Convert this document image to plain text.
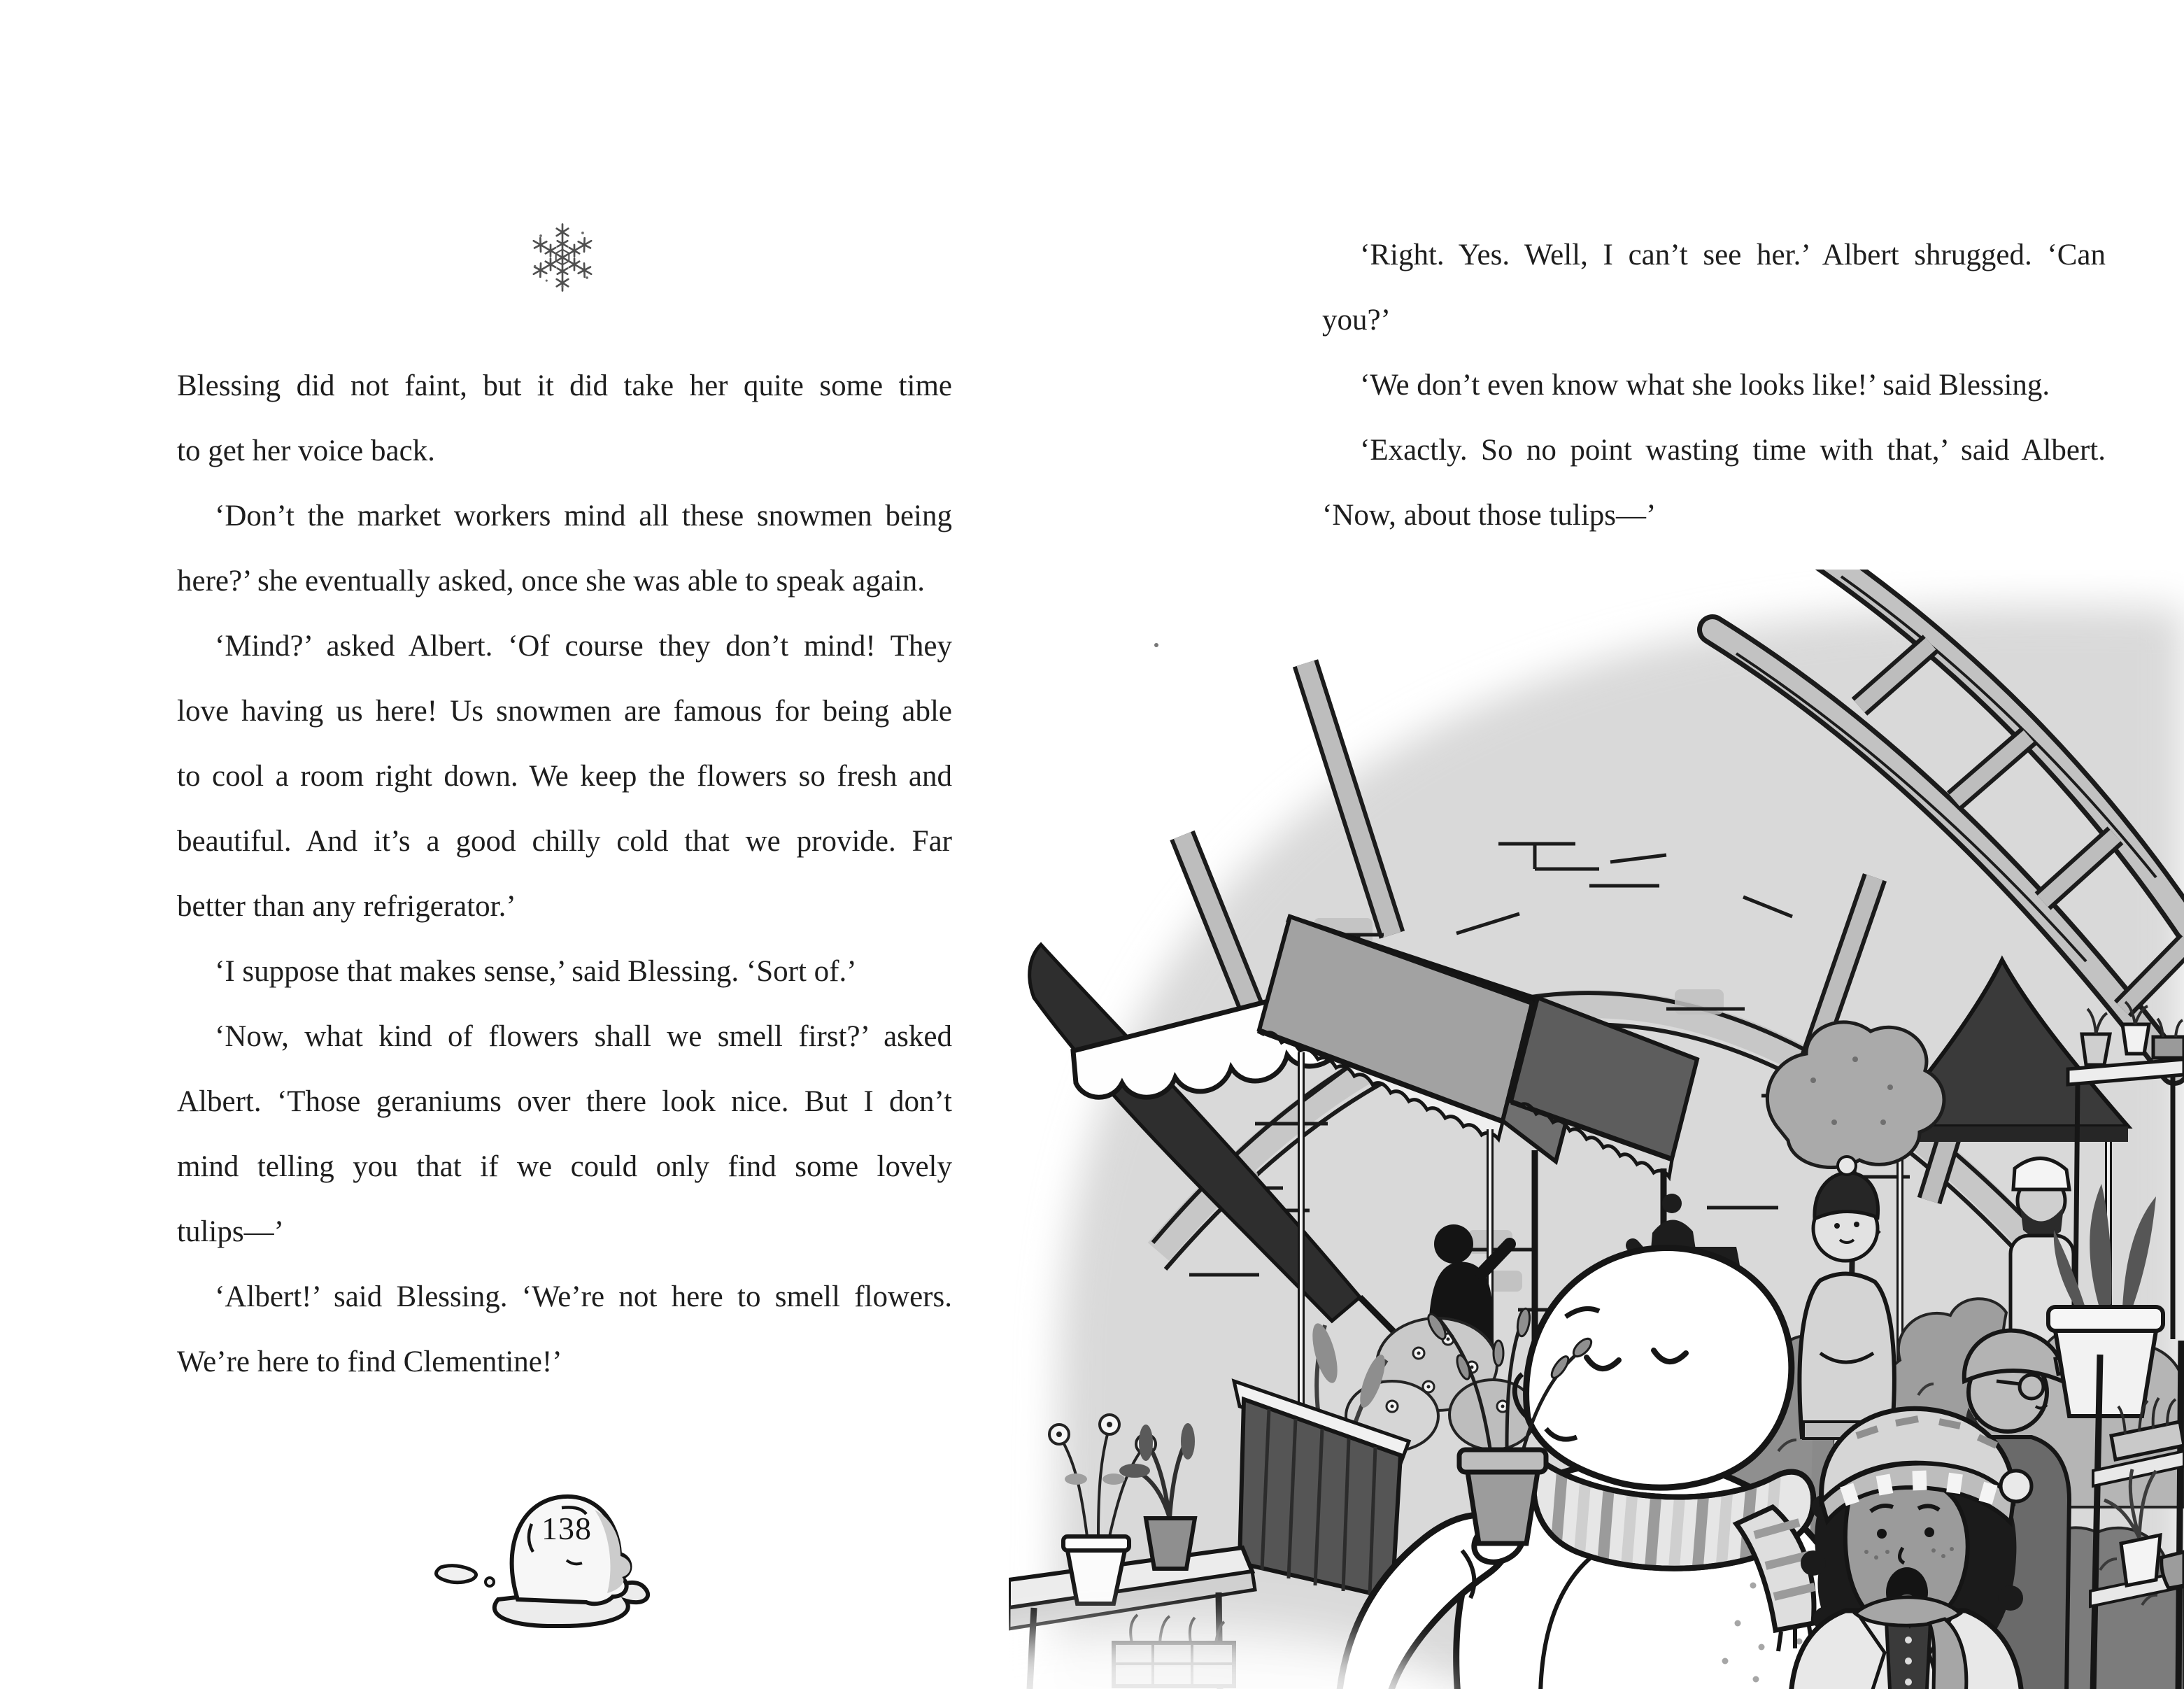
Blessing did not faint, but it did take her quite some time
to get her voice back.
‘Don’t the market workers mind all these snowmen being
here?’ she eventually asked, once she was able to speak again.
‘Mind?’ asked Albert. ‘Of course they don’t mind! They
love having us here! Us snowmen are famous for being able
to cool a room right down. We keep the flowers so fresh and
beautiful. And it’s a good chilly cold that we provide. Far
better than any refrigerator.’
‘I suppose that makes sense,’ said Blessing. ‘Sort of.’
‘Now, what kind of flowers shall we smell first?’ asked
Albert. ‘Those geraniums over there look nice. But I don’t
mind telling you that if we could only find some lovely
tulips—’
‘Albert!’ said Blessing. ‘We’re not here to smell flowers.
We’re here to find Clementine!’
138
‘Right. Yes. Well, I can’t see her.’ Albert shrugged. ‘Can
you?’
‘We don’t even know what she looks like!’ said Blessing.
‘Exactly. So no point wasting time with that,’ said Albert.
‘Now, about those tulips—’
